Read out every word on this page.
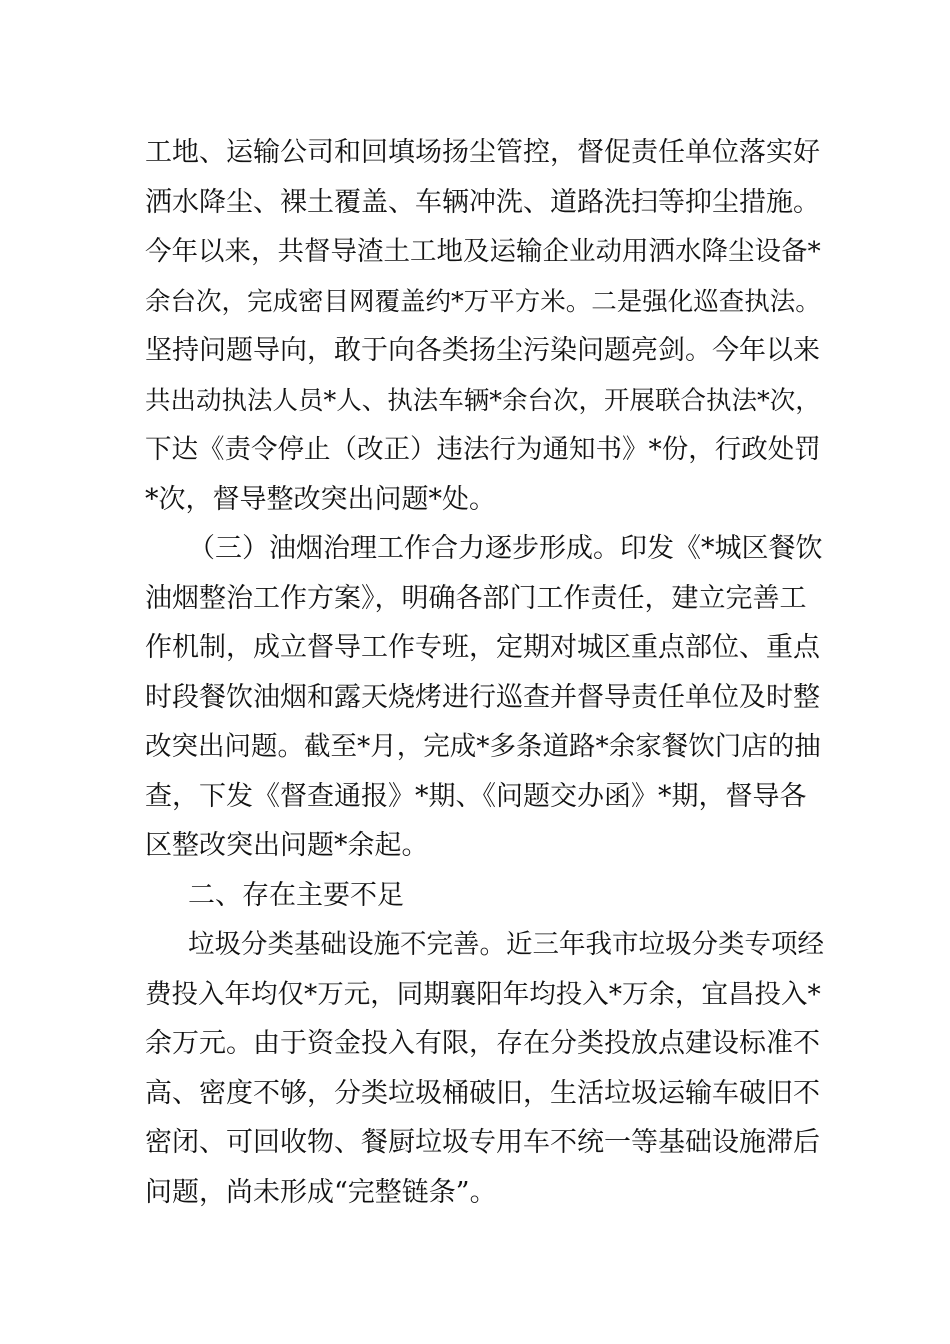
工地、运输公司和回填场扬尘管控，督促责任单位落实好
洒水降尘、裸土覆盖、车辆冲洗、道路洗扫等抑尘措施。
今年以来，共督导渣土工地及运输企业动用洒水降尘设备*
余台次，完成密目网覆盖约*万平方米。二是强化巡查执法。
坚持问题导向，敢于向各类扬尘污染问题亮剑。今年以来
共出动执法人员*人、执法车辆*余台次，开展联合执法*次，
下达《责令停止（改正）违法行为通知书》*份，行政处罚
*次，督导整改突出问题*处。
（三）油烟治理工作合力逐步形成。印发《*城区餐饮
油烟整治工作方案》，明确各部门工作责任，建立完善工
作机制，成立督导工作专班，定期对城区重点部位、重点
时段餐饮油烟和露天烧烤进行巡查并督导责任单位及时整
改突出问题。截至*月，完成*多条道路*余家餐饮门店的抽
查，下发《督查通报》*期、《问题交办函》*期，督导各
区整改突出问题*余起。
二、存在主要不足
垃圾分类基础设施不完善。近三年我市垃圾分类专项经
费投入年均仅*万元，同期襄阳年均投入*万余，宜昌投入*
余万元。由于资金投入有限，存在分类投放点建设标准不
高、密度不够，分类垃圾桶破旧，生活垃圾运输车破旧不
密闭、可回收物、餐厨垃圾专用车不统一等基础设施滞后
问题，尚未形成“完整链条”。
